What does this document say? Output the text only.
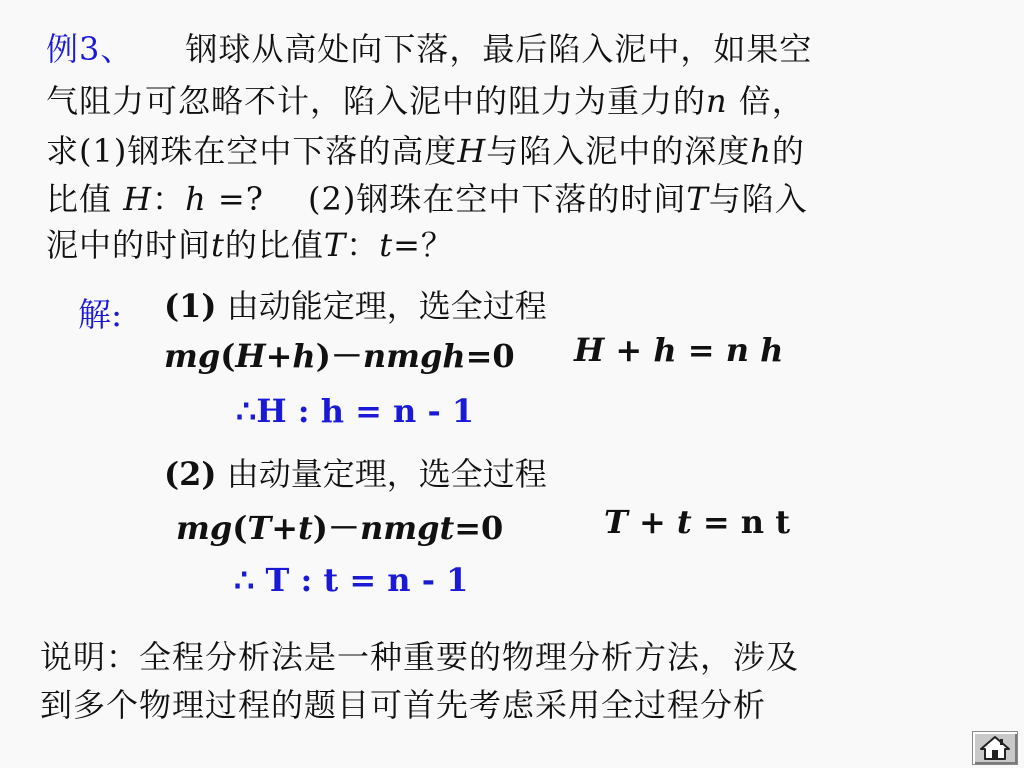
例3、 钢球从高处向下落，最后陷入泥中，如果空
气阻力可忽略不计，陷入泥中的阻力为重力的n 倍，
求(1)钢珠在空中下落的高度H与陷入泥中的深度h的
比值 H：h =?　 (2)钢珠在空中下落的时间T与陷入
泥中的时间t的比值T：t=？
解: (1) 由动能定理，选全过程
mg(H+h)－nmgh=0 H + h = n h
∴H : h = n - 1
(2) 由动量定理，选全过程
mg(T+t)－nmgt=0	T + t = n t
∴ T : t = n - 1
说明：全程分析法是一种重要的物理分析方法，涉及
到多个物理过程的题目可首先考虑采用全过程分析
